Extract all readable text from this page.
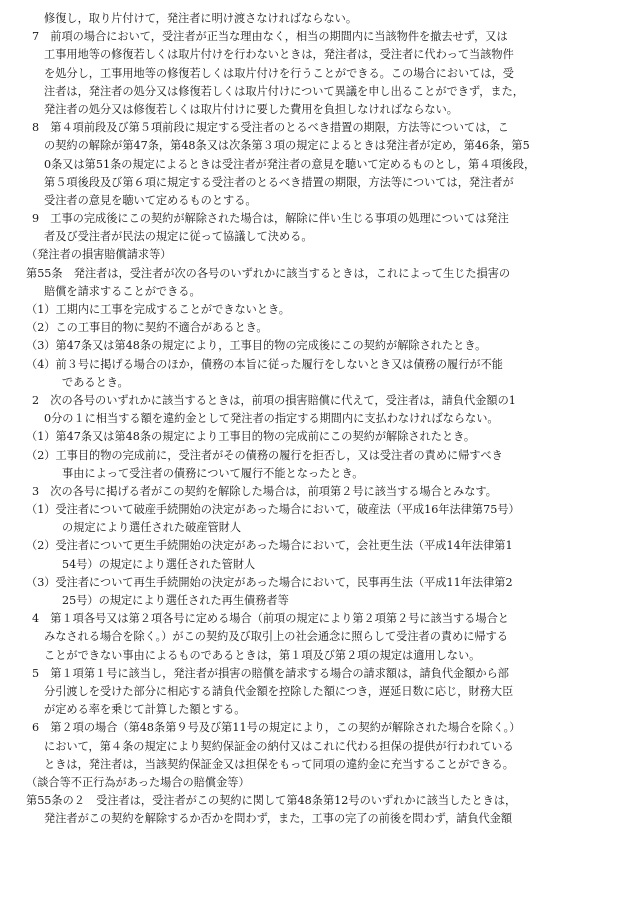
修復し，取り片付けて，発注者に明け渡さなければならない。
7　前項の場合において，受注者が正当な理由なく，相当の期間内に当該物件を撤去せず，又は
工事用地等の修復若しくは取片付けを行わないときは，発注者は，受注者に代わって当該物件
を処分し，工事用地等の修復若しくは取片付けを行うことができる。この場合においては，受
注者は，発注者の処分又は修復若しくは取片付けについて異議を申し出ることができず，また，
発注者の処分又は修復若しくは取片付けに要した費用を負担しなければならない。
8　第４項前段及び第５項前段に規定する受注者のとるべき措置の期限，方法等については，こ
の契約の解除が第47条，第48条又は次条第３項の規定によるときは発注者が定め，第46条，第5
0条又は第51条の規定によるときは受注者が発注者の意見を聴いて定めるものとし，第４項後段，
第５項後段及び第６項に規定する受注者のとるべき措置の期限，方法等については，発注者が
受注者の意見を聴いて定めるものとする。
9　工事の完成後にこの契約が解除された場合は，解除に伴い生じる事項の処理については発注
者及び受注者が民法の規定に従って協議して決める。
（発注者の損害賠償請求等）
第55条　発注者は，受注者が次の各号のいずれかに該当するときは，これによって生じた損害の
賠償を請求することができる。
（1）工期内に工事を完成することができないとき。
（2）この工事目的物に契約不適合があるとき。
（3）第47条又は第48条の規定により，工事目的物の完成後にこの契約が解除されたとき。
（4）前３号に掲げる場合のほか，債務の本旨に従った履行をしないとき又は債務の履行が不能
であるとき。
2　次の各号のいずれかに該当するときは，前項の損害賠償に代えて，受注者は，請負代金額の1
0分の１に相当する額を違約金として発注者の指定する期間内に支払わなければならない。
（1）第47条又は第48条の規定により工事目的物の完成前にこの契約が解除されたとき。
（2）工事目的物の完成前に，受注者がその債務の履行を拒否し，又は受注者の責めに帰すべき
事由によって受注者の債務について履行不能となったとき。
3　次の各号に掲げる者がこの契約を解除した場合は，前項第２号に該当する場合とみなす。
（1）受注者について破産手続開始の決定があった場合において，破産法（平成16年法律第75号）
の規定により選任された破産管財人
（2）受注者について更生手続開始の決定があった場合において，会社更生法（平成14年法律第1
54号）の規定により選任された管財人
（3）受注者について再生手続開始の決定があった場合において，民事再生法（平成11年法律第2
25号）の規定により選任された再生債務者等
4　第１項各号又は第２項各号に定める場合（前項の規定により第２項第２号に該当する場合と
みなされる場合を除く。）がこの契約及び取引上の社会通念に照らして受注者の責めに帰する
ことができない事由によるものであるときは，第１項及び第２項の規定は適用しない。
5　第１項第１号に該当し，発注者が損害の賠償を請求する場合の請求額は，請負代金額から部
分引渡しを受けた部分に相応する請負代金額を控除した額につき，遅延日数に応じ，財務大臣
が定める率を乗じて計算した額とする。
6　第２項の場合（第48条第９号及び第11号の規定により，この契約が解除された場合を除く。）
において，第４条の規定により契約保証金の納付又はこれに代わる担保の提供が行われている
ときは，発注者は，当該契約保証金又は担保をもって同項の違約金に充当することができる。
（談合等不正行為があった場合の賠償金等）
第55条の２　受注者は，受注者がこの契約に関して第48条第12号のいずれかに該当したときは，
発注者がこの契約を解除するか否かを問わず，また，工事の完了の前後を問わず，請負代金額
